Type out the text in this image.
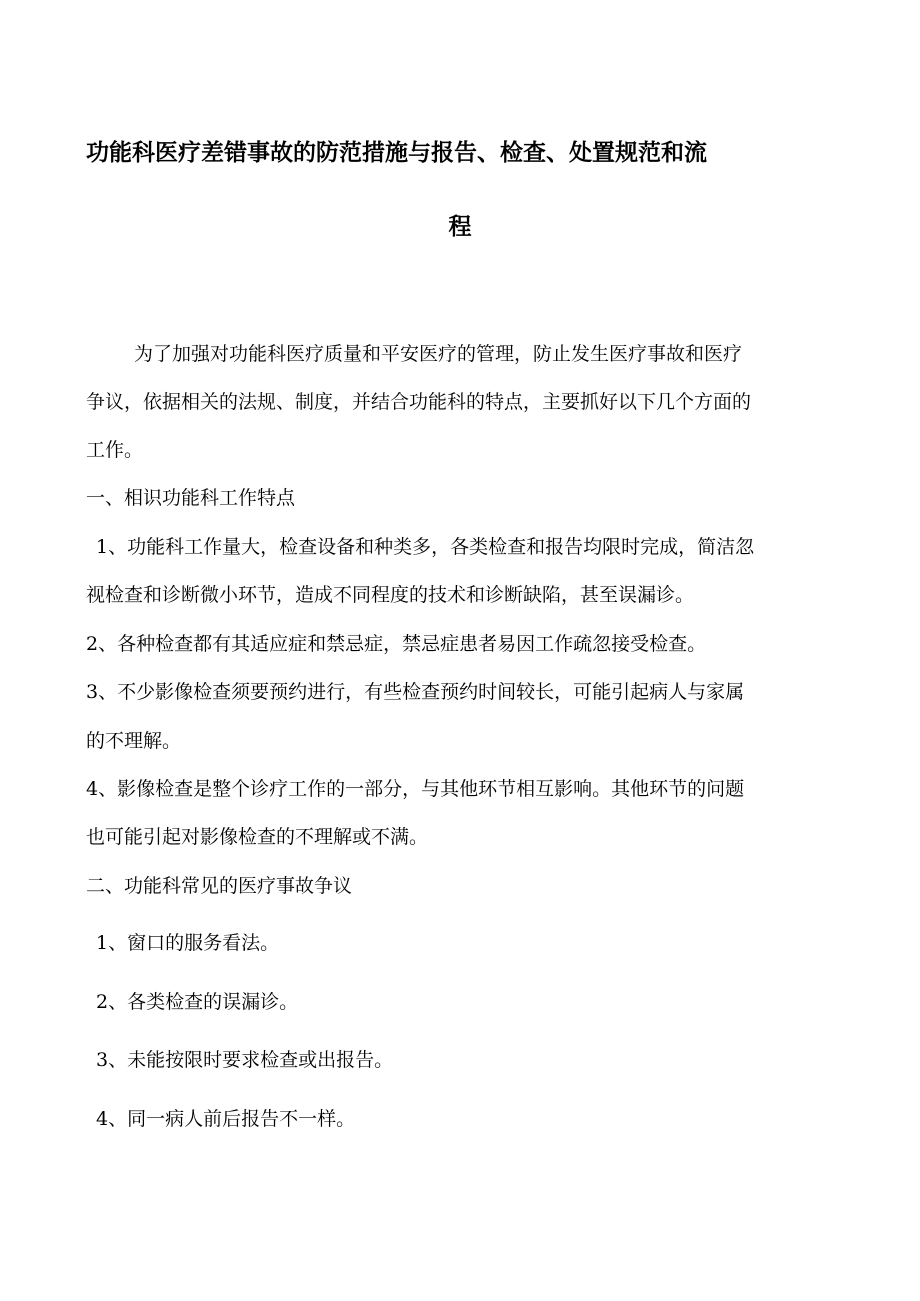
功能科医疗差错事故的防范措施与报告、检查、处置规范和流
程
为了加强对功能科医疗质量和平安医疗的管理，防止发生医疗事故和医疗
争议，依据相关的法规、制度，并结合功能科的特点，主要抓好以下几个方面的
工作。
一、相识功能科工作特点
1、功能科工作量大，检查设备和种类多，各类检查和报告均限时完成，简洁忽
视检查和诊断微小环节，造成不同程度的技术和诊断缺陷，甚至误漏诊。
2、各种检查都有其适应症和禁忌症，禁忌症患者易因工作疏忽接受检查。
3、不少影像检查须要预约进行，有些检查预约时间较长，可能引起病人与家属
的不理解。
4、影像检查是整个诊疗工作的一部分，与其他环节相互影响。其他环节的问题
也可能引起对影像检查的不理解或不满。
二、功能科常见的医疗事故争议
1、窗口的服务看法。
2、各类检查的误漏诊。
3、未能按限时要求检查或出报告。
4、同一病人前后报告不一样。
